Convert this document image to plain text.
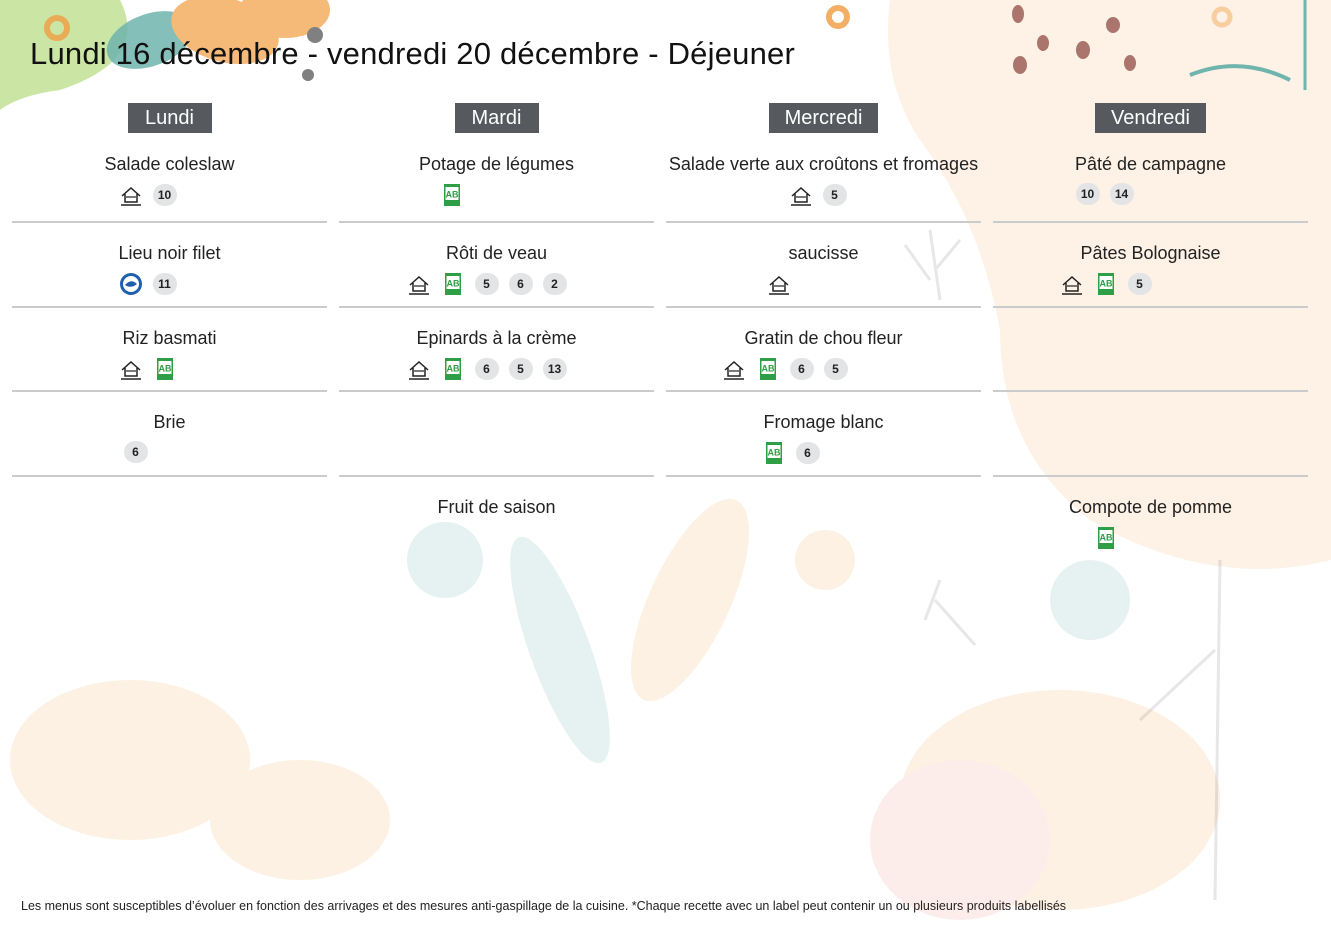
Lundi 16 décembre - vendredi 20 décembre - Déjeuner
Lundi
Salade coleslaw
10
Lieu noir filet
11
Riz basmati
AB
Brie
6
Mardi
Potage de légumes
AB
Rôti de veau
AB	5	6	2
Epinards à la crème
AB	6	5	13
Fruit de saison
Mercredi
Salade verte aux croûtons et fromages
5
saucisse
Gratin de chou fleur
AB	6	5
Fromage blanc
AB	6
Vendredi
Pâté de campagne
10	14
Pâtes Bolognaise
AB	5
Compote de pomme
AB
Les menus sont susceptibles d’évoluer en fonction des arrivages et des mesures anti-gaspillage de la cuisine. *Chaque recette avec un label peut contenir un ou plusieurs produits labellisés
